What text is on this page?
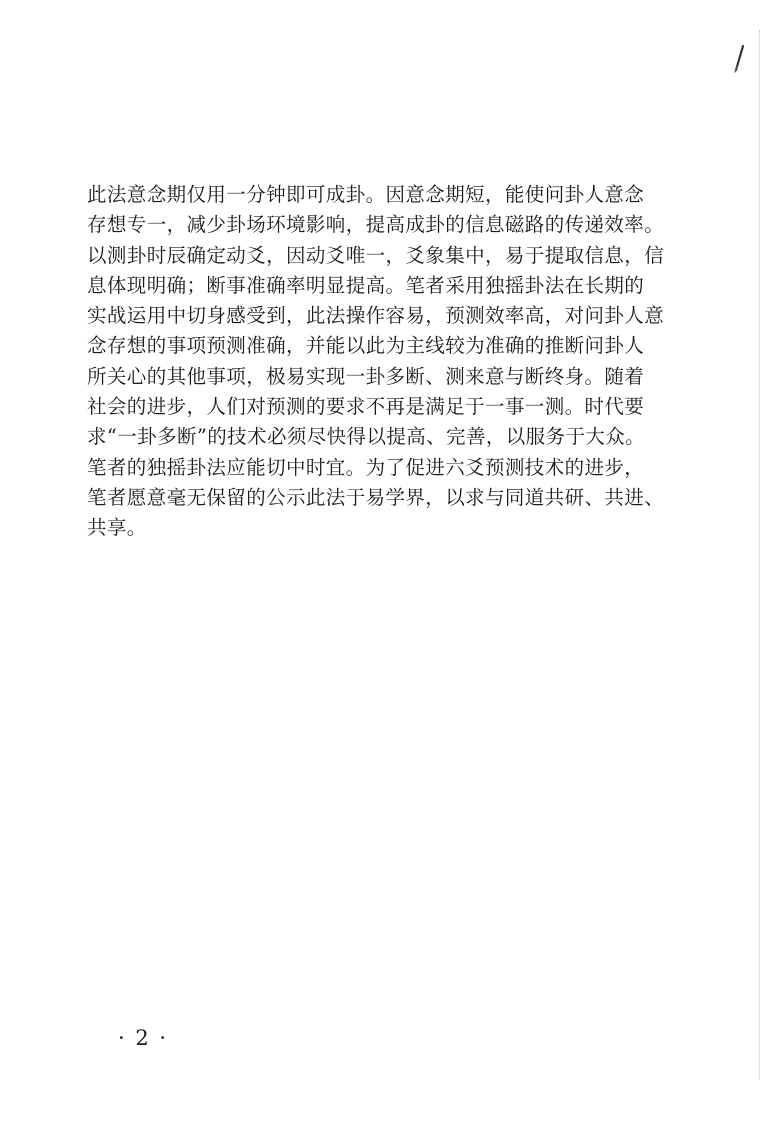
此法意念期仅用一分钟即可成卦。因意念期短，能使问卦人意念
存想专一，减少卦场环境影响，提高成卦的信息磁路的传递效率。
以测卦时辰确定动爻，因动爻唯一，爻象集中，易于提取信息，信
息体现明确；断事准确率明显提高。笔者采用独摇卦法在长期的
实战运用中切身感受到，此法操作容易，预测效率高，对问卦人意
念存想的事项预测准确，并能以此为主线较为准确的推断问卦人
所关心的其他事项，极易实现一卦多断、测来意与断终身。随着
社会的进步，人们对预测的要求不再是满足于一事一测。时代要
求“一卦多断”的技术必须尽快得以提高、完善，以服务于大众。
笔者的独摇卦法应能切中时宜。为了促进六爻预测技术的进步，
笔者愿意毫无保留的公示此法于易学界，以求与同道共研、共进、
共享。

· 2 ·
